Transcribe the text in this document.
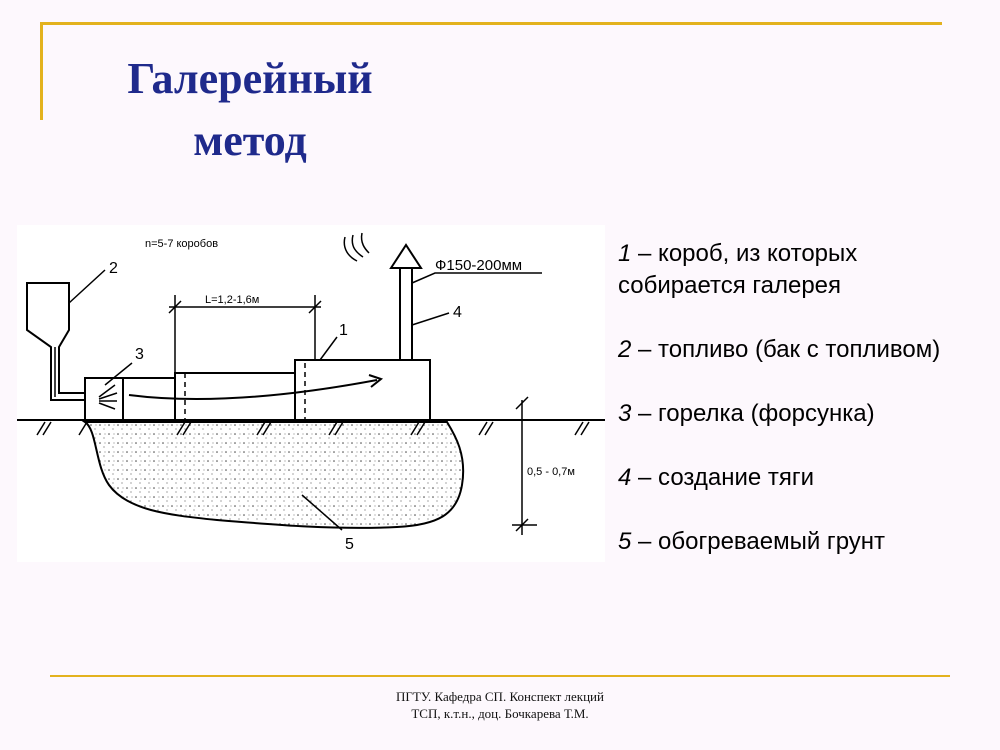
Галерейный
метод
L=1,2-1,6м
n=5-7 коробов
Ф150-200мм
0,5 - 0,7м
2
3
1
4
5
1 – короб, из которых собирается галерея
2 – топливо (бак с топливом)
3 – горелка (форсунка)
4 – создание тяги
5 – обогреваемый грунт
ПГТУ. Кафедра СП. Конспект лекций
ТСП, к.т.н., доц. Бочкарева Т.М.
